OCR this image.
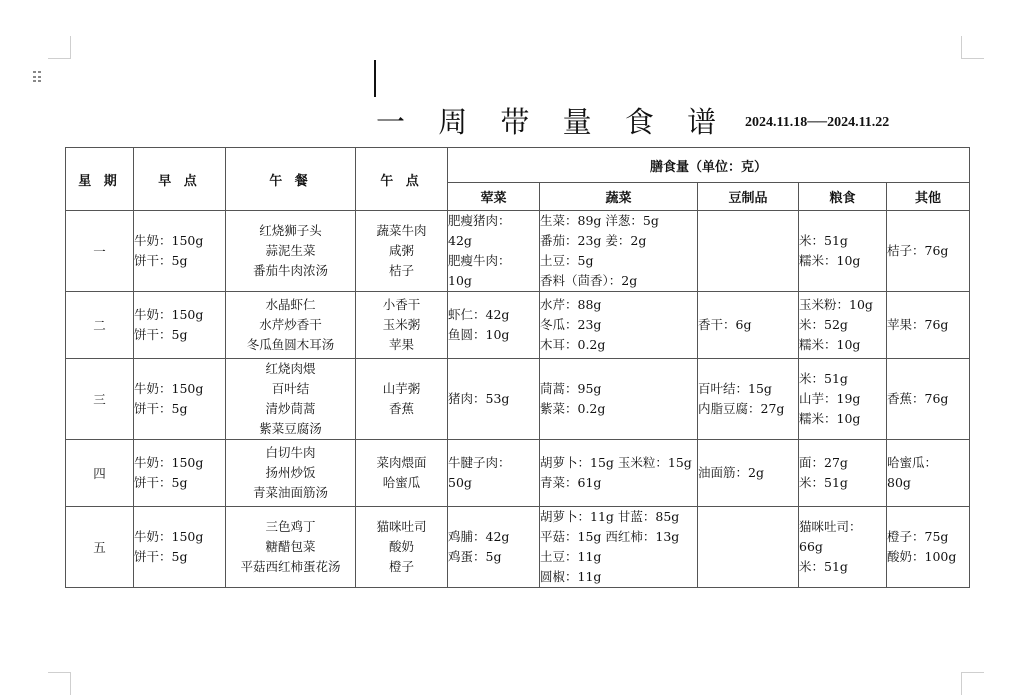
一 周 带 量 食 谱 2024.11.18──2024.11.22
星 期	早 点	午 餐	午 点	膳食量（单位：克）				
				荤菜	蔬菜	豆制品	粮食	其他
一	牛奶：150g
饼干：5g	红烧狮子头
蒜泥生菜
番茄牛肉浓汤	蔬菜牛肉
咸粥
桔子	肥瘦猪肉：
42g
肥瘦牛肉：
10g	生菜：89g 洋葱：5g
番茄：23g 姜：2g
土豆：5g
香料（茴香）：2g		米：51g
糯米：10g	桔子：76g

二	牛奶：150g
饼干：5g	水晶虾仁
水芹炒香干
冬瓜鱼圆木耳汤	小香干
玉米粥
苹果	虾仁：42g
鱼圆：10g	水芹：88g
冬瓜：23g
木耳：0.2g	香干：6g	玉米粉：10g
米：52g
糯米：10g	苹果：76g

三	牛奶：150g
饼干：5g	红烧肉煨
百叶结
清炒茼蒿
紫菜豆腐汤	山芋粥
香蕉	猪肉：53g	茼蒿：95g
紫菜：0.2g	百叶结：15g
内脂豆腐：27g	米：51g
山芋：19g
糯米：10g	香蕉：76g

四	牛奶：150g
饼干：5g	白切牛肉
扬州炒饭
青菜油面筋汤	菜肉煨面
哈蜜瓜	牛腱子肉：
50g	胡萝卜：15g 玉米粒：15g
青菜：61g	油面筋：2g	面：27g
米：51g	哈蜜瓜：
80g

五	牛奶：150g
饼干：5g	三色鸡丁
糖醋包菜
平菇西红柿蛋花汤	猫咪吐司
酸奶
橙子	鸡脯：42g
鸡蛋：5g	胡萝卜：11g 甘蓝：85g
平菇：15g 西红柿：13g
土豆：11g
圆椒：11g		猫咪吐司：
66g
米：51g	橙子：75g
酸奶：100g
